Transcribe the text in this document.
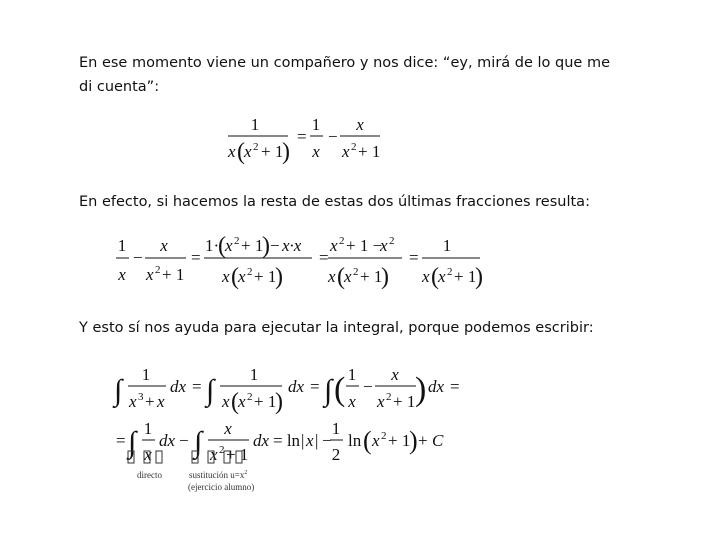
En ese momento viene un compañero y nos dice: “ey, mirá de lo que me
di cuenta”:
1
x ( x 2 + 1
)
=
1
x
−
x
x 2 + 1
En efecto, si hacemos la resta de estas dos últimas fracciones resulta:
1
x
−
x
x 2 + 1
=
1·
( x 2 + 1
) − x·x
x ( x 2 + 1
)
=
x 2 + 1 −
x 2
x ( x 2 + 1
)
=
1
x ( x 2 + 1
)
Y esto sí nos ayuda para ejecutar la integral, porque podemos escribir:
∫ 1
x 3 + x
dx = ∫ 1
x ( x 2 + 1
)
dx = ∫ ( 1
x
−
x
x 2 + 1 ) dx =
= ∫ 1
x
dx − ∫ x
x 2 + 1
dx = ln | x | −
1
2
ln ( x 2 + 1
) + C
directo	sustitución $u=x^2$
(ejercicio alumno)
